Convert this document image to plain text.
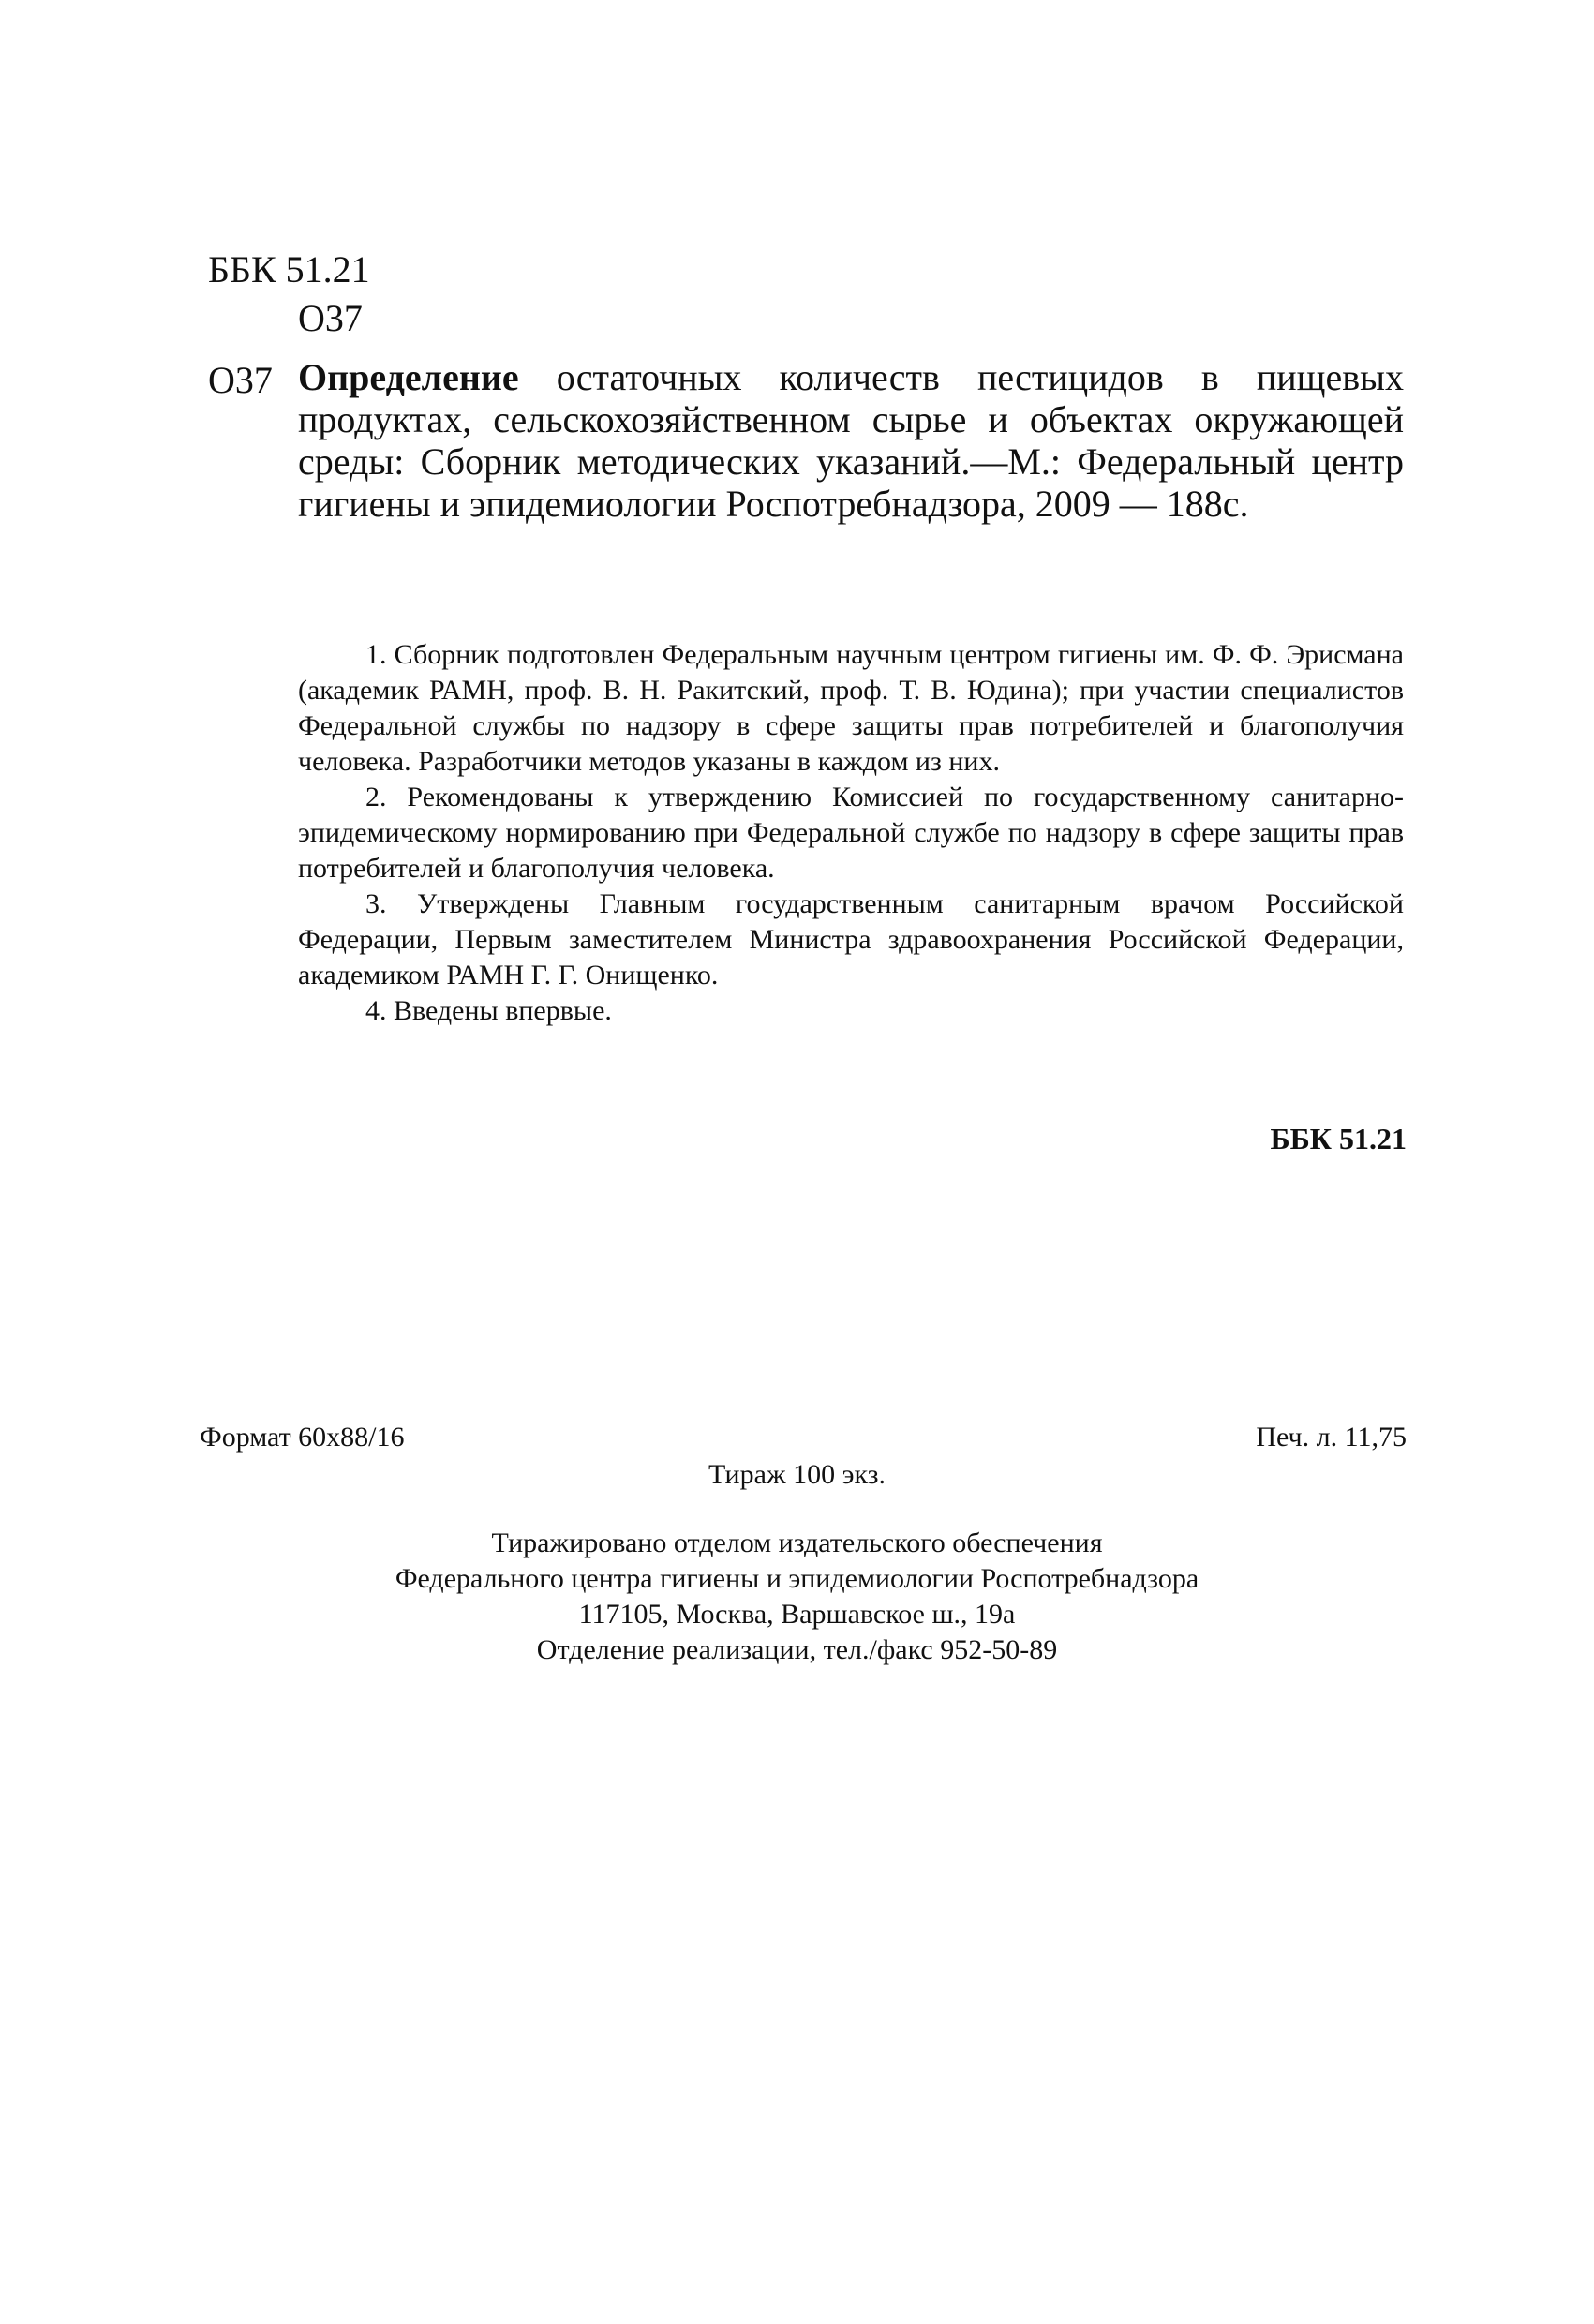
ББК 51.21
О37
О37 Определение остаточных количеств пестицидов в пищевых продуктах, сельскохозяйственном сырье и объектах окружающей среды: Сборник методических указаний.—М.: Федеральный центр гигиены и эпидемиологии Роспотребнадзора, 2009 — 188с.

1. Сборник подготовлен Федеральным научным центром гигиены им. Ф. Ф. Эрисмана (академик РАМН, проф. В. Н. Ракитский, проф. Т. В. Юдина); при участии специалистов Федеральной службы по надзору в сфере защиты прав потребителей и благополучия человека. Разработчики методов указаны в каждом из них.

2. Рекомендованы к утверждению Комиссией по государственному санитарно-эпидемическому нормированию при Федеральной службе по надзору в сфере защиты прав потребителей и благополучия человека.

3. Утверждены Главным государственным санитарным врачом Российской Федерации, Первым заместителем Министра здравоохранения Российской Федерации, академиком РАМН Г. Г. Онищенко.

4. Введены впервые.

ББК 51.21
Формат 60x88/16	Печ. л. 11,75
Тираж 100 экз.
Тиражировано отделом издательского обеспечения
Федерального центра гигиены и эпидемиологии Роспотребнадзора
117105, Москва, Варшавское ш., 19а
Отделение реализации, тел./факс 952-50-89
